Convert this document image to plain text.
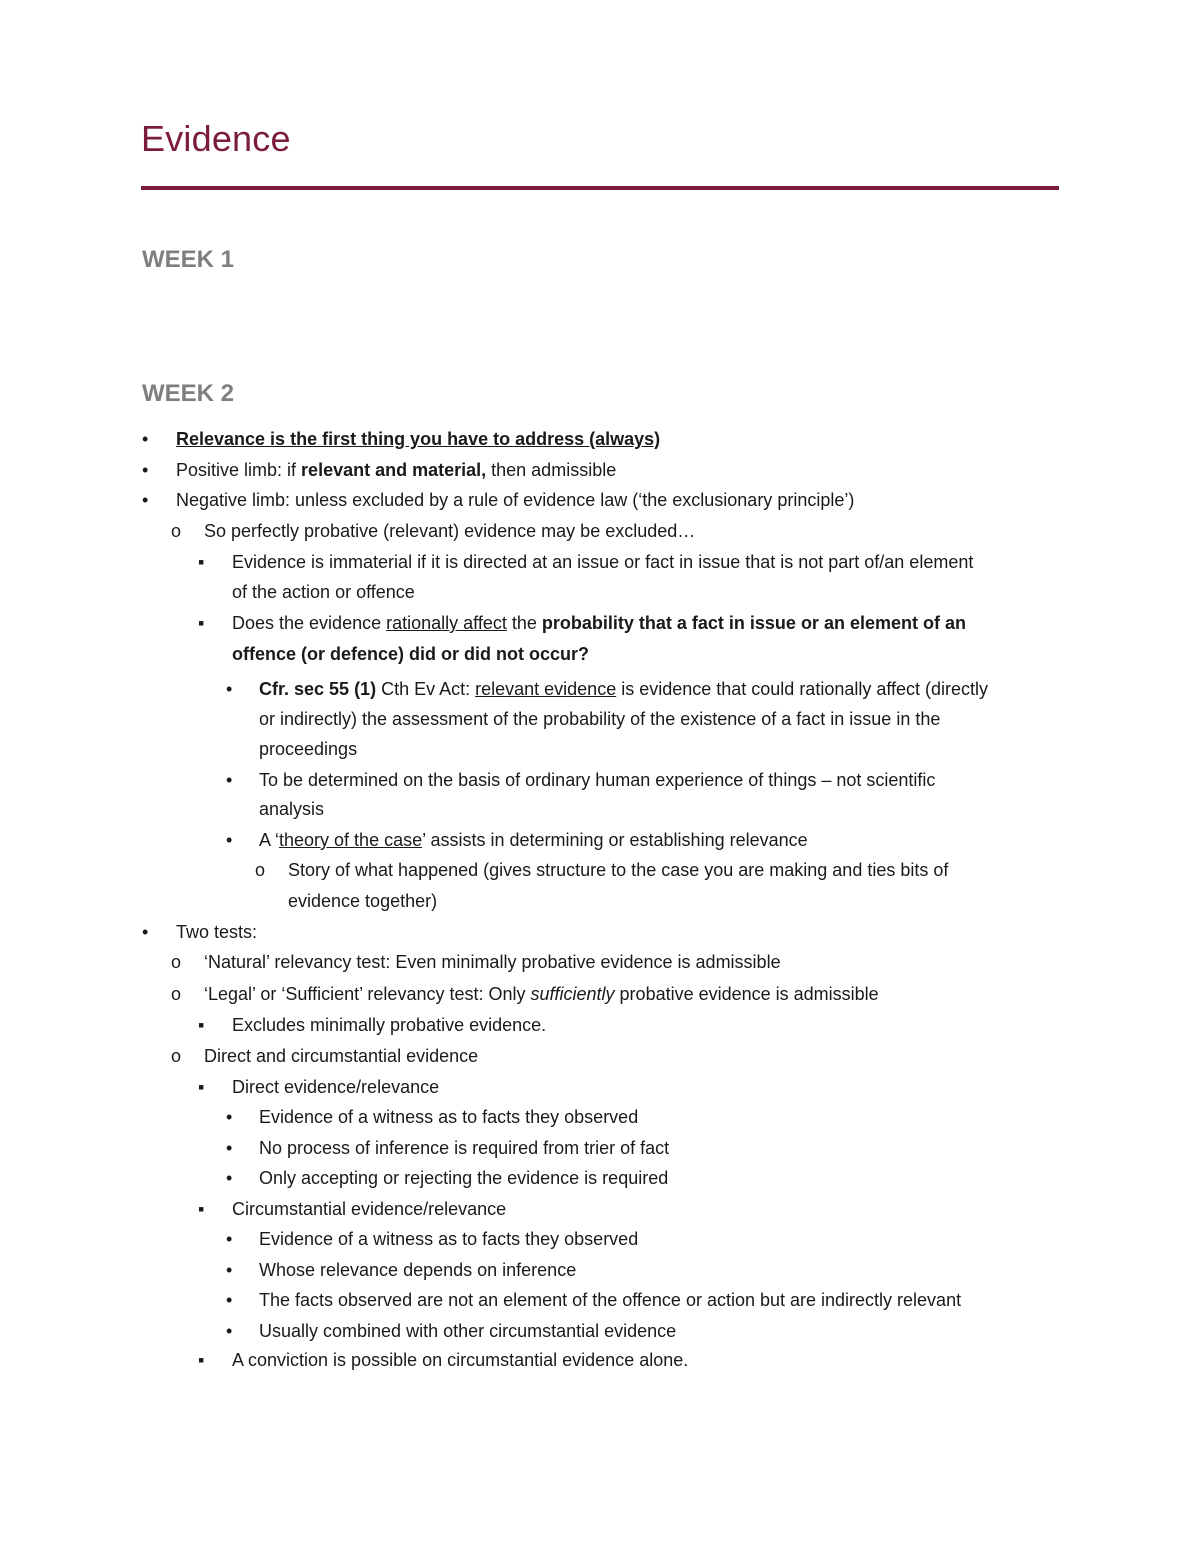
Evidence
WEEK 1
WEEK 2
• Relevance is the first thing you have to address (always)
• Positive limb: if relevant and material, then admissible
• Negative limb: unless excluded by a rule of evidence law (‘the exclusionary principle’)
o So perfectly probative (relevant) evidence may be excluded…
▪ Evidence is immaterial if it is directed at an issue or fact in issue that is not part of/an element
of the action or offence
▪ Does the evidence rationally affect the probability that a fact in issue or an element of an
offence (or defence) did or did not occur?
• Cfr. sec 55 (1) Cth Ev Act: relevant evidence is evidence that could rationally affect (directly
or indirectly) the assessment of the probability of the existence of a fact in issue in the
proceedings
• To be determined on the basis of ordinary human experience of things – not scientific
analysis
• A ‘theory of the case’ assists in determining or establishing relevance
o Story of what happened (gives structure to the case you are making and ties bits of
evidence together)
• Two tests:
o ‘Natural’ relevancy test: Even minimally probative evidence is admissible
o ‘Legal’ or ‘Sufficient’ relevancy test: Only sufficiently probative evidence is admissible
▪ Excludes minimally probative evidence.
o Direct and circumstantial evidence
▪ Direct evidence/relevance
• Evidence of a witness as to facts they observed
• No process of inference is required from trier of fact
• Only accepting or rejecting the evidence is required
▪ Circumstantial evidence/relevance
• Evidence of a witness as to facts they observed
• Whose relevance depends on inference
• The facts observed are not an element of the offence or action but are indirectly relevant
• Usually combined with other circumstantial evidence
▪ A conviction is possible on circumstantial evidence alone.
